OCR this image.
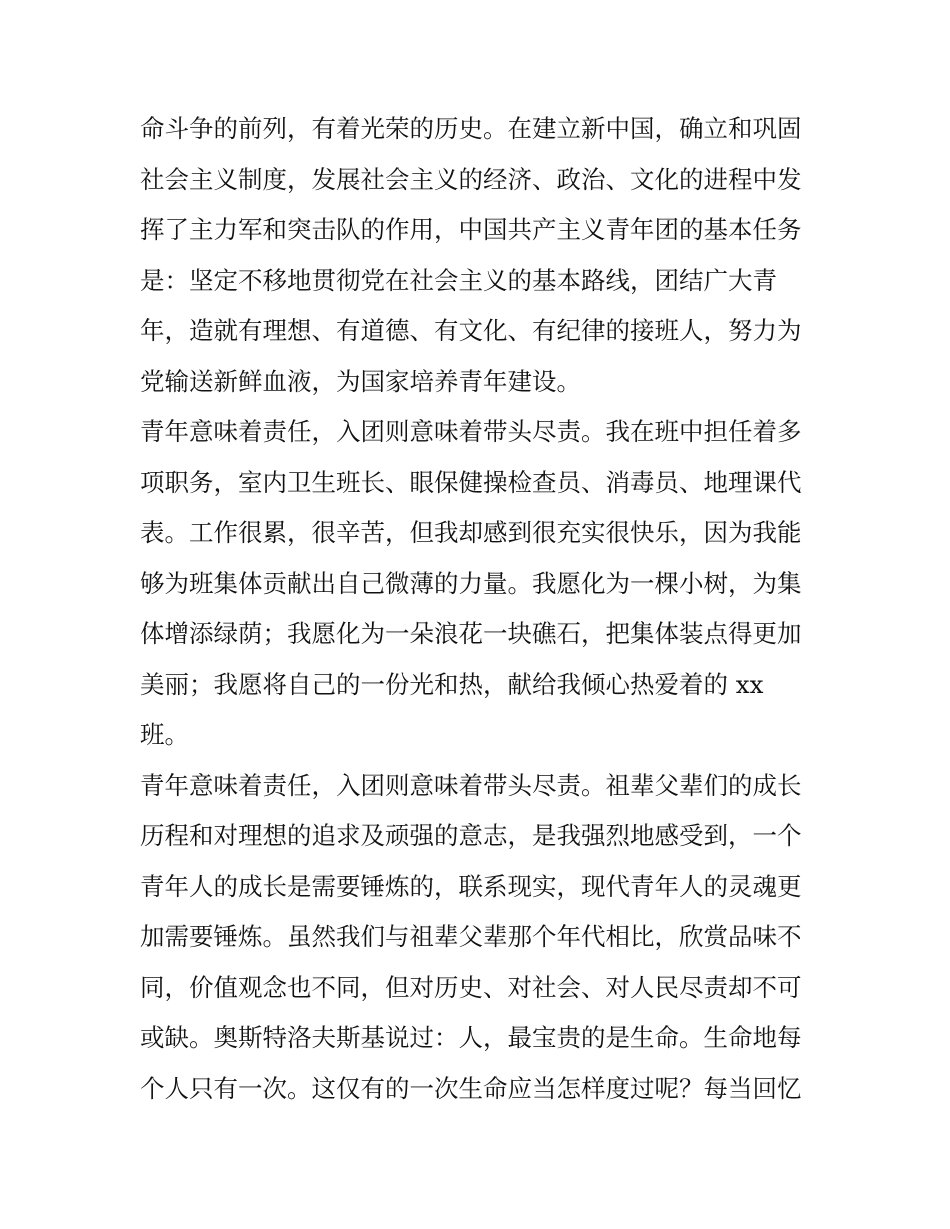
命斗争的前列，有着光荣的历史。在建立新中国，确立和巩固
社会主义制度，发展社会主义的经济、政治、文化的进程中发
挥了主力军和突击队的作用，中国共产主义青年团的基本任务
是：坚定不移地贯彻党在社会主义的基本路线，团结广大青
年，造就有理想、有道德、有文化、有纪律的接班人，努力为
党输送新鲜血液，为国家培养青年建设。
青年意味着责任，入团则意味着带头尽责。我在班中担任着多
项职务，室内卫生班长、眼保健操检查员、消毒员、地理课代
表。工作很累，很辛苦，但我却感到很充实很快乐，因为我能
够为班集体贡献出自己微薄的力量。我愿化为一棵小树，为集
体增添绿荫；我愿化为一朵浪花一块礁石，把集体装点得更加
美丽；我愿将自己的一份光和热，献给我倾心热爱着的 xx
班。
青年意味着责任，入团则意味着带头尽责。祖辈父辈们的成长
历程和对理想的追求及顽强的意志，是我强烈地感受到，一个
青年人的成长是需要锤炼的，联系现实，现代青年人的灵魂更
加需要锤炼。虽然我们与祖辈父辈那个年代相比，欣赏品味不
同，价值观念也不同，但对历史、对社会、对人民尽责却不可
或缺。奥斯特洛夫斯基说过：人，最宝贵的是生命。生命地每
个人只有一次。这仅有的一次生命应当怎样度过呢？每当回忆
